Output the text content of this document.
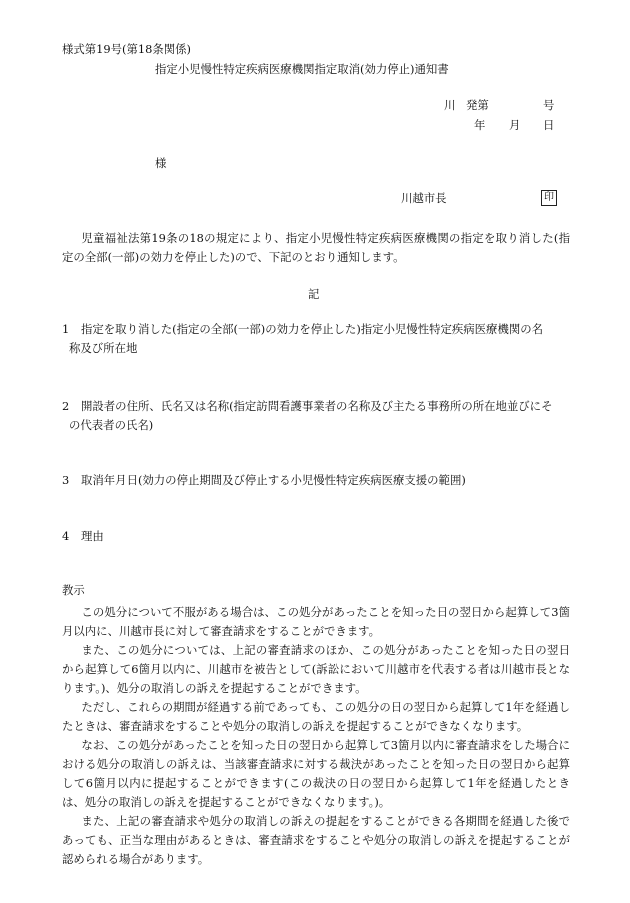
様式第19号(第18条関係)
指定小児慢性特定疾病医療機関指定取消(効力停止)通知書
川 発第	号
年 月 日
様
川越市長	印

児童福祉法第19条の18の規定により、指定小児慢性特定疾病医療機関の指定を取り消した(指定の全部(一部)の効力を停止した)ので、下記のとおり通知します。

記
1	指定を取り消した(指定の全部(一部)の効力を停止した)指定小児慢性特定疾病医療機関の名
称及び所在地
2	開設者の住所、氏名又は名称(指定訪問看護事業者の名称及び主たる事務所の所在地並びにそ
の代表者の氏名)
3	取消年月日(効力の停止期間及び停止する小児慢性特定疾病医療支援の範囲)
4	理由
教示

この処分について不服がある場合は、この処分があったことを知った日の翌日から起算して3箇月以内に、川越市長に対して審査請求をすることができます。

また、この処分については、上記の審査請求のほか、この処分があったことを知った日の翌日から起算して6箇月以内に、川越市を被告として(訴訟において川越市を代表する者は川越市長となります。)、処分の取消しの訴えを提起することができます。

ただし、これらの期間が経過する前であっても、この処分の日の翌日から起算して1年を経過したときは、審査請求をすることや処分の取消しの訴えを提起することができなくなります。

なお、この処分があったことを知った日の翌日から起算して3箇月以内に審査請求をした場合における処分の取消しの訴えは、当該審査請求に対する裁決があったことを知った日の翌日から起算して6箇月以内に提起することができます(この裁決の日の翌日から起算して1年を経過したときは、処分の取消しの訴えを提起することができなくなります。)。

また、上記の審査請求や処分の取消しの訴えの提起をすることができる各期間を経過した後であっても、正当な理由があるときは、審査請求をすることや処分の取消しの訴えを提起することが認められる場合があります。
